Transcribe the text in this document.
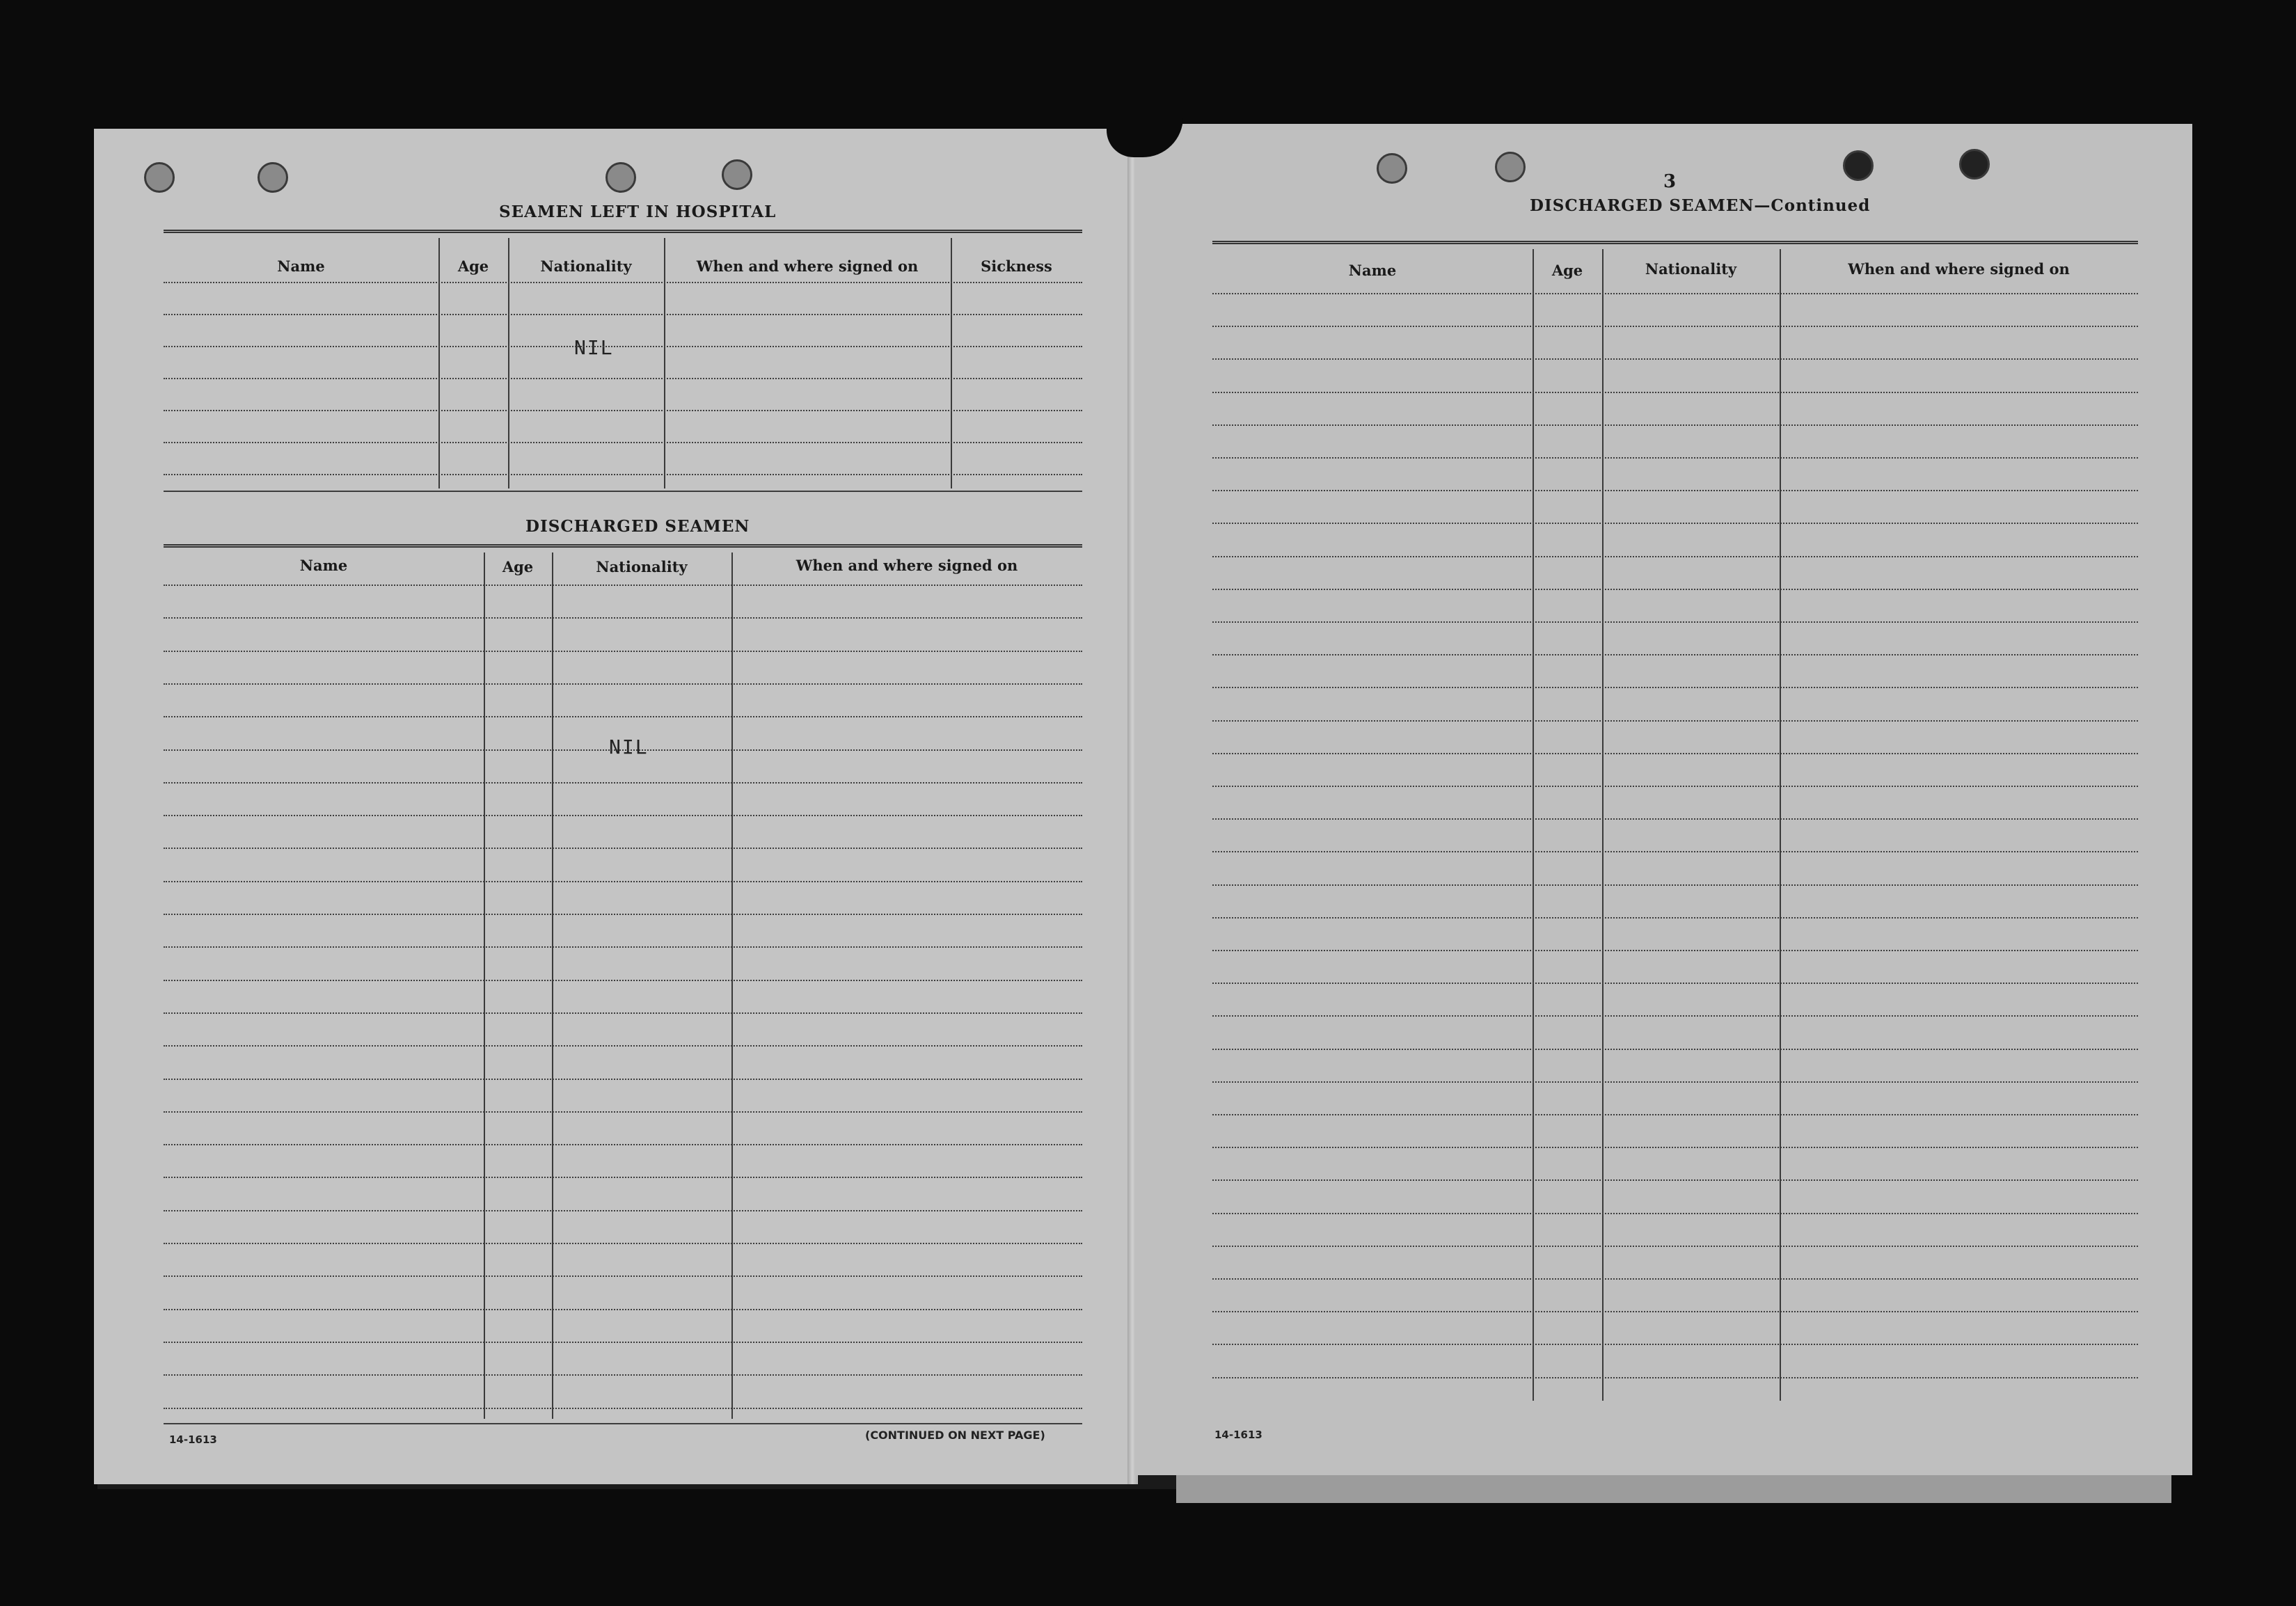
SEAMEN LEFT IN HOSPITAL
Name	Age	Nationality	When and where signed on	Sickness
NIL
DISCHARGED SEAMEN
Name	Age	Nationality	When and where signed on
NIL
14-1613	(CONTINUED ON NEXT PAGE)
3
DISCHARGED SEAMEN—Continued
Name	Age	Nationality	When and where signed on
14-1613
